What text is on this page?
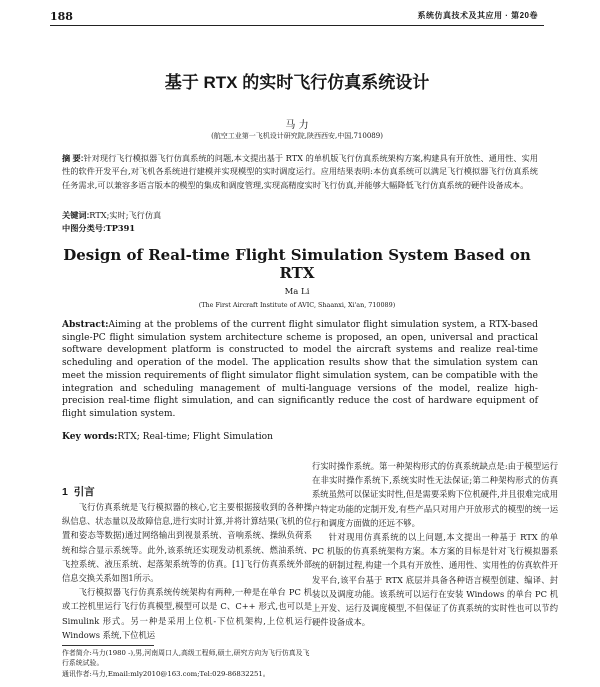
188	系统仿真技术及其应用 · 第20卷
基于 RTX 的实时飞行仿真系统设计
马 力
(航空工业第一飞机设计研究院,陕西西安,中国,710089)
摘 要:针对现行飞行模拟器飞行仿真系统的问题,本文提出基于 RTX 的单机版飞行仿真系统架构方案,构建具有开放性、通用性、实用性的软件开发平台,对飞机各系统进行建模并实现模型的实时调度运行。应用结果表明:本仿真系统可以满足飞行模拟器飞行仿真系统任务需求,可以兼容多语言版本的模型的集成和调度管理,实现高精度实时飞行仿真,并能够大幅降低飞行仿真系统的硬件设备成本。
关键词:RTX;实时;飞行仿真
中图分类号:TP391
Design of Real-time Flight Simulation System Based on RTX
Ma Li
(The First Aircraft Institute of AVIC, Shaanxi, Xi'an, 710089)
Abstract:Aiming at the problems of the current flight simulator flight simulation system, a RTX-based single-PC flight simulation system architecture scheme is proposed, an open, universal and practical software development platform is constructed to model the aircraft systems and realize real-time scheduling and operation of the model. The application results show that the simulation system can meet the mission requirements of flight simulator flight simulation system, can be compatible with the integration and scheduling management of multi-language versions of the model, realize high-precision real-time flight simulation, and can significantly reduce the cost of hardware equipment of flight simulation system.
Key words:RTX; Real-time; Flight Simulation
1 引言
飞行仿真系统是飞行模拟器的核心,它主要根据接收到的各种操纵信息、状态量以及故障信息,进行实时计算,并将计算结果(飞机的位置和姿态等数据)通过网络输出到视景系统、音响系统、操纵负荷系统和综合显示系统等。此外,该系统还实现发动机系统、燃油系统、飞控系统、液压系统、起落架系统等的仿真。[1]飞行仿真系统外部信息交换关系如图1所示。
飞行模拟器飞行仿真系统传统架构有两种,一种是在单台 PC 机或工控机里运行飞行仿真模型,模型可以是 C、C++ 形式,也可以是 Simulink 形式。另一种是采用上位机-下位机架构,上位机运行 Windows 系统,下位机运
行实时操作系统。第一种架构形式的仿真系统缺点是:由于模型运行在非实时操作系统下,系统实时性无法保证;第二种架构形式的仿真系统虽然可以保证实时性,但是需要采购下位机硬件,并且很难完成用户特定功能的定制开发,有些产品只对用户开放形式的模型的统一运行和调度方面做的还远不够。
针对现用仿真系统的以上问题,本文提出一种基于 RTX 的单 PC 机版的仿真系统架构方案。本方案的目标是针对飞行模拟器系统的研制过程,构建一个具有开放性、通用性、实用性的仿真软件开发平台,该平台基于 RTX 底层并具备各种语言模型创建、编译、封装以及调度功能。该系统可以运行在安装 Windows 的单台 PC 机上开发、运行及调度模型,不但保证了仿真系统的实时性也可以节约硬件设备成本。
作者简介:马力(1980 -),男,河南周口人,高级工程师,硕士,研究方向为飞行仿真及飞行系统试验。
通讯作者:马力,Email:mly2010@163.com;Tel:029-86832251。
